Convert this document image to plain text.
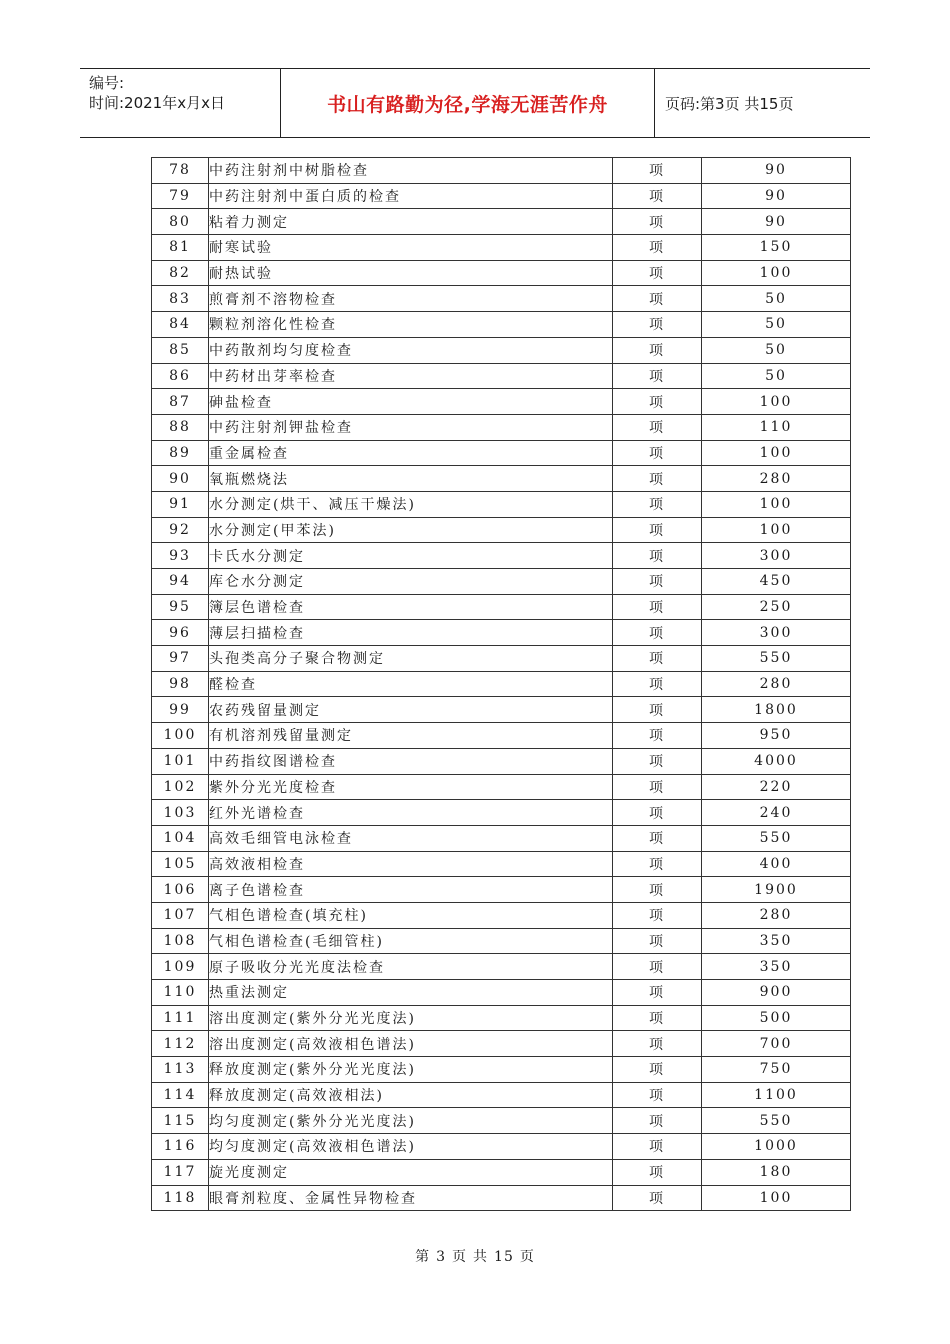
编号:
时间:2021年x月x日	书山有路勤为径,学海无涯苦作舟	页码:第3页 共15页
78	中药注射剂中树脂检查	项	90
79	中药注射剂中蛋白质的检查	项	90
80	粘着力测定	项	90
81	耐寒试验	项	150
82	耐热试验	项	100
83	煎膏剂不溶物检查	项	50
84	颗粒剂溶化性检查	项	50
85	中药散剂均匀度检查	项	50
86	中药材出芽率检查	项	50
87	砷盐检查	项	100
88	中药注射剂钾盐检查	项	110
89	重金属检查	项	100
90	氧瓶燃烧法	项	280
91	水分测定(烘干、减压干燥法)	项	100
92	水分测定(甲苯法)	项	100
93	卡氏水分测定	项	300
94	库仑水分测定	项	450
95	簿层色谱检查	项	250
96	薄层扫描检查	项	300
97	头孢类高分子聚合物测定	项	550
98	醛检查	项	280
99	农药残留量测定	项	1800
100	有机溶剂残留量测定	项	950
101	中药指纹图谱检查	项	4000
102	紫外分光光度检查	项	220
103	红外光谱检查	项	240
104	高效毛细管电泳检查	项	550
105	高效液相检查	项	400
106	离子色谱检查	项	1900
107	气相色谱检查(填充柱)	项	280
108	气相色谱检查(毛细管柱)	项	350
109	原子吸收分光光度法检查	项	350
110	热重法测定	项	900
111	溶出度测定(紫外分光光度法)	项	500
112	溶出度测定(高效液相色谱法)	项	700
113	释放度测定(紫外分光光度法)	项	750
114	释放度测定(高效液相法)	项	1100
115	均匀度测定(紫外分光光度法)	项	550
116	均匀度测定(高效液相色谱法)	项	1000
117	旋光度测定	项	180
118	眼膏剂粒度、金属性异物检查	项	100
第 3 页 共 15 页
